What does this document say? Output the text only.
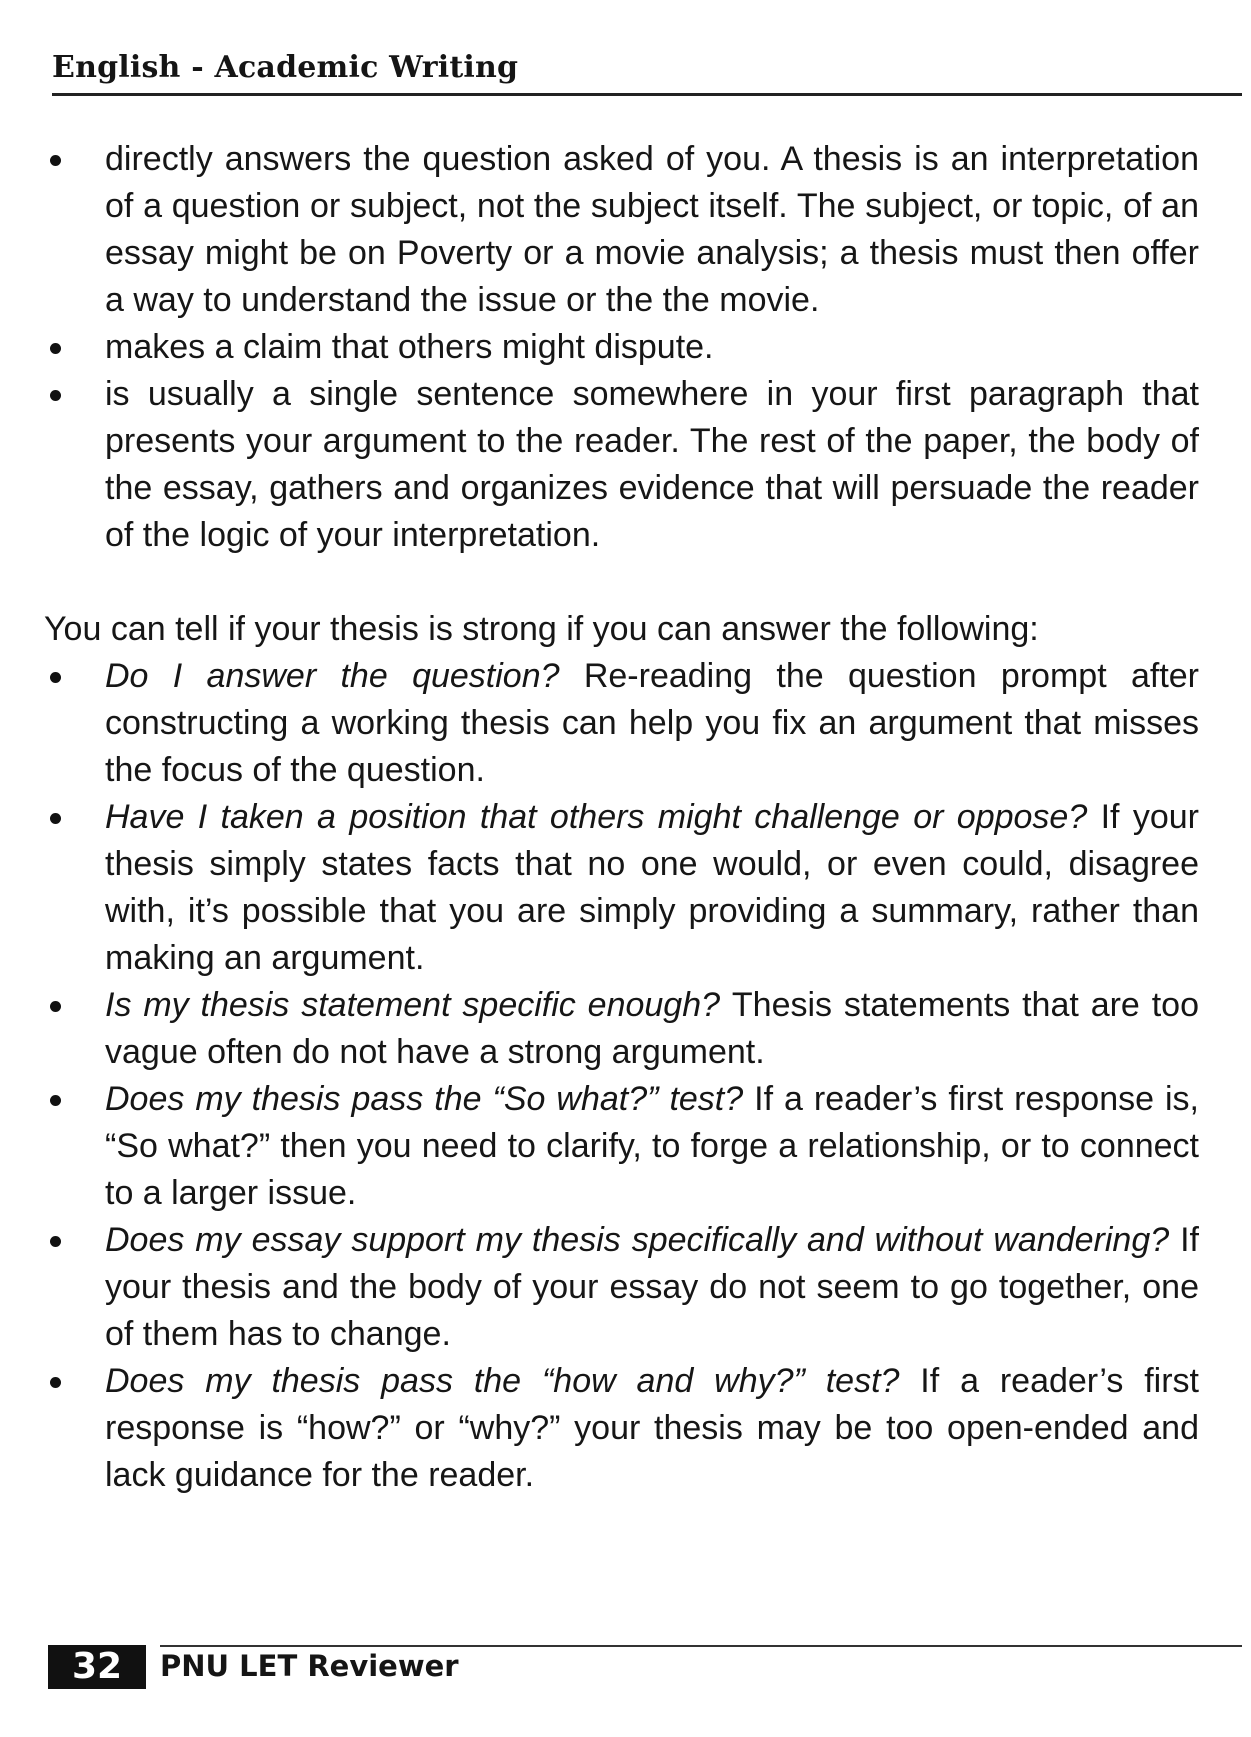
English - Academic Writing
directly answers the question asked of you. A thesis is an interpretation of a question or subject, not the subject itself. The subject, or topic, of an essay might be on Poverty or a movie analysis; a thesis must then offer a way to understand the issue or the the movie.
makes a claim that others might dispute.
is usually a single sentence somewhere in your first paragraph that presents your argument to the reader. The rest of the paper, the body of the essay, gathers and organizes evidence that will persuade the reader of the logic of your interpretation.

You can tell if your thesis is strong if you can answer the following:

Do I answer the question? Re-reading the question prompt after constructing a working thesis can help you fix an argument that misses the focus of the question.
Have I taken a position that others might challenge or oppose? If your thesis simply states facts that no one would, or even could, disagree with, it’s possible that you are simply providing a summary, rather than making an argument.
Is my thesis statement specific enough? Thesis statements that are too vague often do not have a strong argument.
Does my thesis pass the “So what?” test? If a reader’s first response is, “So what?” then you need to clarify, to forge a relationship, or to connect to a larger issue.
Does my essay support my thesis specifically and without wandering? If your thesis and the body of your essay do not seem to go together, one of them has to change.
Does my thesis pass the “how and why?” test? If a reader’s first response is “how?” or “why?” your thesis may be too open-ended and lack guidance for the reader.
32	PNU LET Reviewer
